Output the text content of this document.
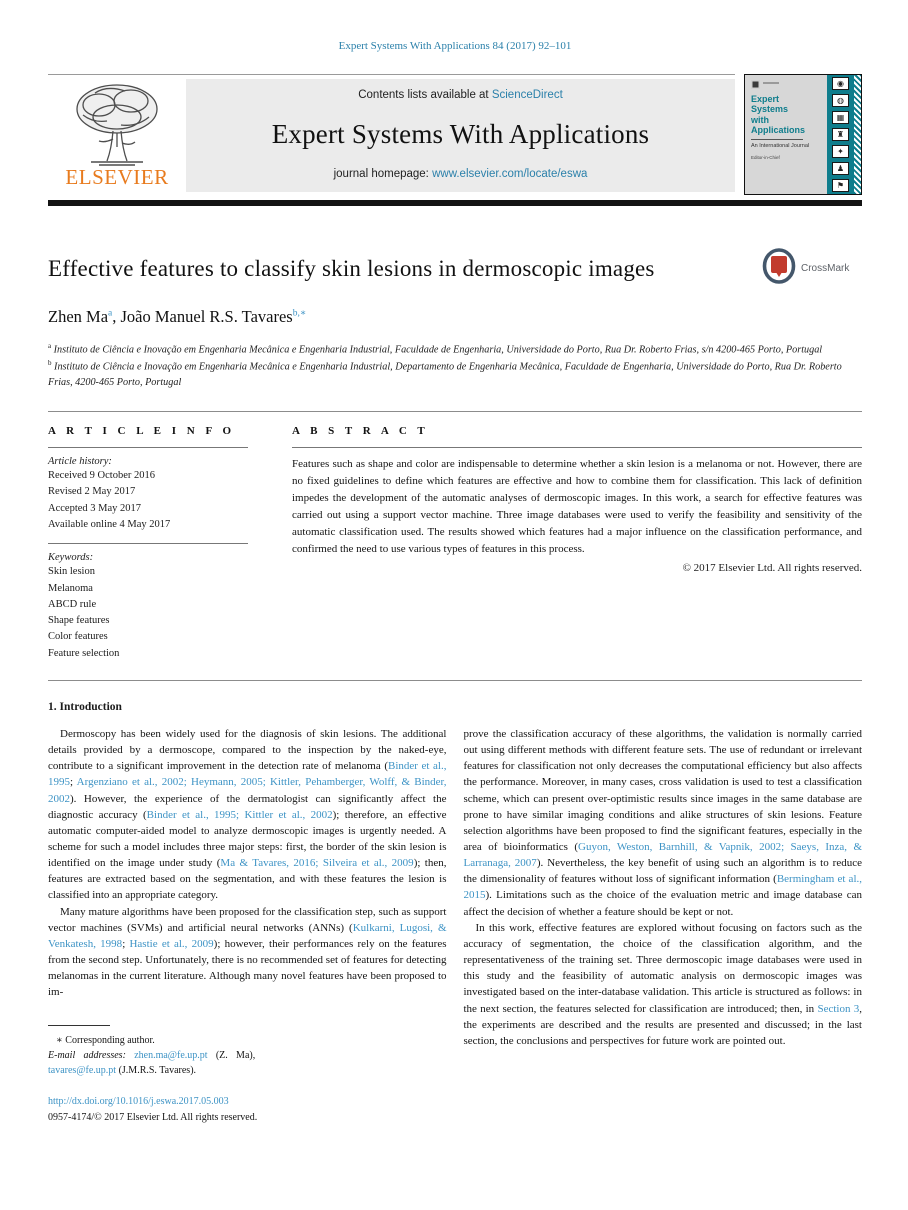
Expert Systems With Applications 84 (2017) 92–101
ELSEVIER
Contents lists available at ScienceDirect
Expert Systems With Applications
journal homepage: www.elsevier.com/locate/eswa
Expert
Systems
with
Applications
An International Journal
Editor-in-Chief
◉
◍
▦
♜
✦
♟
⚑
Effective features to classify skin lesions in dermoscopic images	CrossMark
Zhen Ma$^a$, João Manuel R.S. Tavares$^{b,∗}$
$^a$ Instituto de Ciência e Inovação em Engenharia Mecânica e Engenharia Industrial, Faculdade de Engenharia, Universidade do Porto, Rua Dr. Roberto Frias, s/n 4200-465 Porto, Portugal
$^b$ Instituto de Ciência e Inovação em Engenharia Mecânica e Engenharia Industrial, Departamento de Engenharia Mecânica, Faculdade de Engenharia, Universidade do Porto, Rua Dr. Roberto Frias, 4200-465 Porto, Portugal
A R T I C L E I N F O
Article history:
Received 9 October 2016
Revised 2 May 2017
Accepted 3 May 2017
Available online 4 May 2017
Keywords:
Skin lesion
Melanoma
ABCD rule
Shape features
Color features
Feature selection
A B S T R A C T
Features such as shape and color are indispensable to determine whether a skin lesion is a melanoma or not. However, there are no fixed guidelines to define which features are effective and how to combine them for classification. This lack of definition impedes the development of the automatic analyses of dermoscopic images. In this work, a search for effective features was carried out using a support vector machine. Three image databases were used to verify the feasibility and sensitivity of the automatic classification used. The results showed which features had a major influence on the classification performance, and confirmed the need to use various types of features in this process.
© 2017 Elsevier Ltd. All rights reserved.
1. Introduction

Dermoscopy has been widely used for the diagnosis of skin lesions. The additional details provided by a dermoscope, compared to the inspection by the naked-eye, contribute to a significant improvement in the detection rate of melanoma (Binder et al., 1995; Argenziano et al., 2002; Heymann, 2005; Kittler, Pehamberger, Wolff, & Binder, 2002). However, the experience of the dermatologist can significantly affect the diagnostic accuracy (Binder et al., 1995; Kittler et al., 2002); therefore, an effective automatic computer-aided model to analyze dermoscopic images is urgently needed. A scheme for such a model includes three major steps: first, the border of the skin lesion is identified on the image under study (Ma & Tavares, 2016; Silveira et al., 2009); then, features are extracted based on the segmentation, and with these features the lesion is classified into an appropriate category.

Many mature algorithms have been proposed for the classification step, such as support vector machines (SVMs) and artificial neural networks (ANNs) (Kulkarni, Lugosi, & Venkatesh, 1998; Hastie et al., 2009); however, their performances rely on the features from the second step. Unfortunately, there is no recommended set of features for detecting melanomas in the current literature. Although many novel features have been proposed to im-

∗ Corresponding author.
E-mail addresses: zhen.ma@fe.up.pt (Z. Ma), tavares@fe.up.pt (J.M.R.S. Tavares).
http://dx.doi.org/10.1016/j.eswa.2017.05.003
0957-4174/© 2017 Elsevier Ltd. All rights reserved.

prove the classification accuracy of these algorithms, the validation is normally carried out using different methods with different feature sets. The use of redundant or irrelevant features for classification not only decreases the computational efficiency but also affects the performance. Moreover, in many cases, cross validation is used to test a classification scheme, which can present over-optimistic results since images in the same database are prone to have similar imaging conditions and alike structures of skin lesions. Feature selection algorithms have been proposed to find the significant features, especially in the area of bioinformatics (Guyon, Weston, Barnhill, & Vapnik, 2002; Saeys, Inza, & Larranaga, 2007). Nevertheless, the key benefit of using such an algorithm is to reduce the dimensionality of features without loss of significant information (Bermingham et al., 2015). Limitations such as the choice of the evaluation metric and image database can affect the decision of whether a feature should be kept or not.

In this work, effective features are explored without focusing on factors such as the accuracy of segmentation, the choice of the classification algorithm, and the representativeness of the training set. Three dermoscopic image databases were used in this study and the feasibility of automatic analysis on dermoscopic images was investigated based on the inter-database validation. This article is structured as follows: in the next section, the features selected for classification are introduced; then, in Section 3, the experiments are described and the results are presented and discussed; in the last section, the conclusions and perspectives for future work are pointed out.
